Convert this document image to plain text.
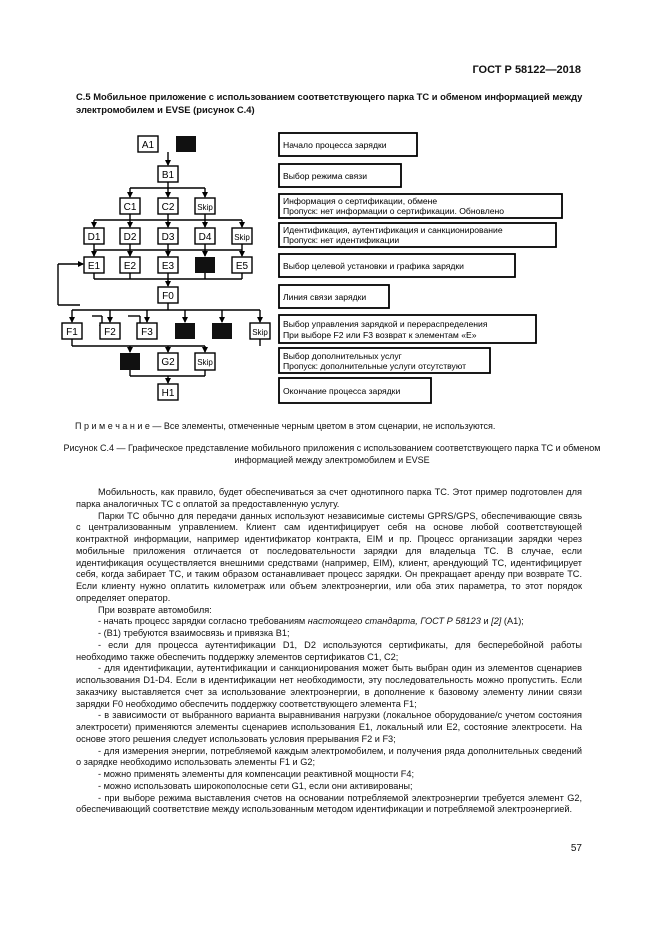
ГОСТ Р 58122—2018
C.5 Мобильное приложение с использованием соответствующего парка ТС и обменом информацией между электромобилем и EVSE (рисунок С.4)
A1
B1
C1	C2	Skip
D1 D2	D3 D4	Skip
E1 E2	E3	E5
F0
F1	F2	F3	Skip
G2	Skip
H1
Начало процесса зарядки
Выбор режима связи
Информация о сертификации, обмене
Пропуск: нет информации о сертификации. Обновлено
Идентификация, аутентификация и санкционирование
Пропуск: нет идентификации
Выбор целевой установки и графика зарядки
Линия связи зарядки
Выбор управления зарядкой и перераспределения
При выборе F2 или F3 возврат к элементам «E»
Выбор дополнительных услуг
Пропуск: дополнительные услуги отсутствуют
Окончание процесса зарядки
П р и м е ч а н и е — Все элементы, отмеченные черным цветом в этом сценарии, не используются.
Рисунок С.4 — Графическое представление мобильного приложения с использованием соответствующего парка ТС и обменом информацией между электромобилем и EVSE

Мобильность, как правило, будет обеспечиваться за счет однотипного парка ТС. Этот пример подготовлен для парка аналогичных ТС с оплатой за предоставленную услугу.

Парки ТС обычно для передачи данных используют независимые системы GPRS/GPS, обеспечивающие связь с централизованным управлением. Клиент сам идентифицирует себя на основе любой соответствующей контрактной информации, например идентификатор контракта, EIM и пр. Процесс организации зарядки через мобильные приложения отличается от последовательности зарядки для владельца ТС. В случае, если идентификация осуществляется внешними средствами (например, EIM), клиент, арендующий ТС, идентифицирует себя, когда забирает ТС, и таким образом останавливает процесс зарядки. Он прекращает аренду при возврате ТС. Если клиенту нужно оплатить километраж или объем электроэнергии, или оба этих параметра, то этот порядок определяет оператор.

При возврате автомобиля:

- начать процесс зарядки согласно требованиям настоящего стандарта, ГОСТ Р 58123 и [2] (A1);

- (B1) требуются взаимосвязь и привязка B1;

- если для процесса аутентификации D1, D2 используются сертификаты, для бесперебойной работы необходимо также обеспечить поддержку элементов сертификатов C1, C2;

- для идентификации, аутентификации и санкционирования может быть выбран один из элементов сценариев использования D1-D4. Если в идентификации нет необходимости, эту последовательность можно пропустить. Если заказчику выставляется счет за использование электроэнергии, в дополнение к базовому элементу линии связи зарядки F0 необходимо обеспечить поддержку соответствующего элемента F1;

- в зависимости от выбранного варианта выравнивания нагрузки (локальное оборудование/с учетом состояния электросети) применяются элементы сценариев использования E1, локальный или E2, состояние электросети. На основе этого решения следует использовать условия прерывания F2 и F3;

- для измерения энергии, потребляемой каждым электромобилем, и получения ряда дополнительных сведений о зарядке необходимо использовать элементы F1 и G2;

- можно применять элементы для компенсации реактивной мощности F4;

- можно использовать широкополосные сети G1, если они активированы;

- при выборе режима выставления счетов на основании потребляемой электроэнергии требуется элемент G2, обеспечивающий соответствие между использованным методом идентификации и потребляемой электроэнергией.

57
